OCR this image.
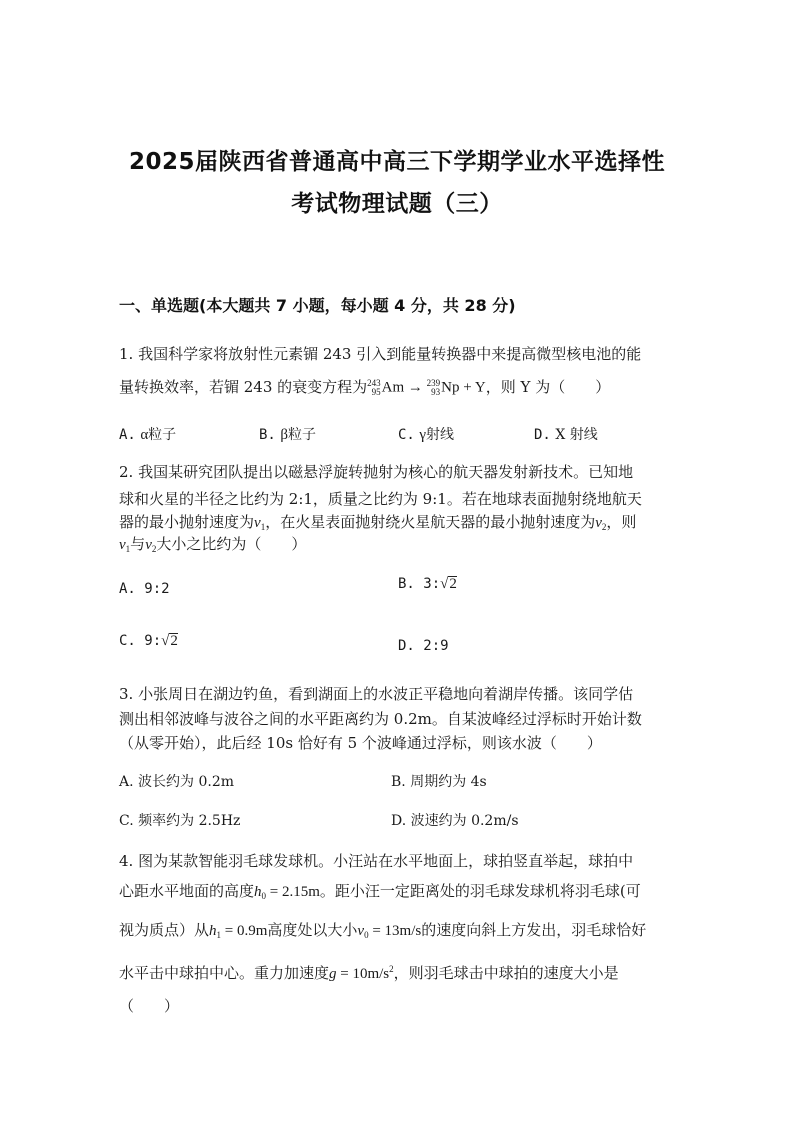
2025届陕西省普通高中高三下学期学业水平选择性
考试物理试题（三）
一、单选题(本大题共 7 小题，每小题 4 分，共 28 分)
1. 我国科学家将放射性元素镅 243 引入到能量转换器中来提高微型核电池的能
量转换效率，若镅 243 的衰变方程为 243
95 Am → 239
93 Np + Y，则 Y 为（　　）
A. α粒子	B. β粒子	C. γ射线	D. X 射线
2. 我国某研究团队提出以磁悬浮旋转抛射为核心的航天器发射新技术。已知地
球和火星的半径之比约为 2:1，质量之比约为 9:1。若在地球表面抛射绕地航天
器的最小抛射速度为$v_1$，在火星表面抛射绕火星航天器的最小抛射速度为$v_2$，则
$v_1$与$v_2$大小之比约为（　　）
A. 9:2	B. 3:√2
C. 9:√2	D. 2:9
3. 小张周日在湖边钓鱼，看到湖面上的水波正平稳地向着湖岸传播。该同学估
测出相邻波峰与波谷之间的水平距离约为 0.2m。自某波峰经过浮标时开始计数
（从零开始），此后经 10s 恰好有 5 个波峰通过浮标，则该水波（　　）
A. 波长约为 0.2m	B. 周期约为 4s
C. 频率约为 2.5Hz	D. 波速约为 0.2m/s
4. 图为某款智能羽毛球发球机。小汪站在水平地面上，球拍竖直举起，球拍中
心距水平地面的高度$h_0 = 2.15m$。距小汪一定距离处的羽毛球发球机将羽毛球(可
视为质点）从$h_1 = 0.9m$高度处以大小$v_0 = 13m/s$的速度向斜上方发出，羽毛球恰好
水平击中球拍中心。重力加速度$g = 10m/s^2$，则羽毛球击中球拍的速度大小是
（　　）
